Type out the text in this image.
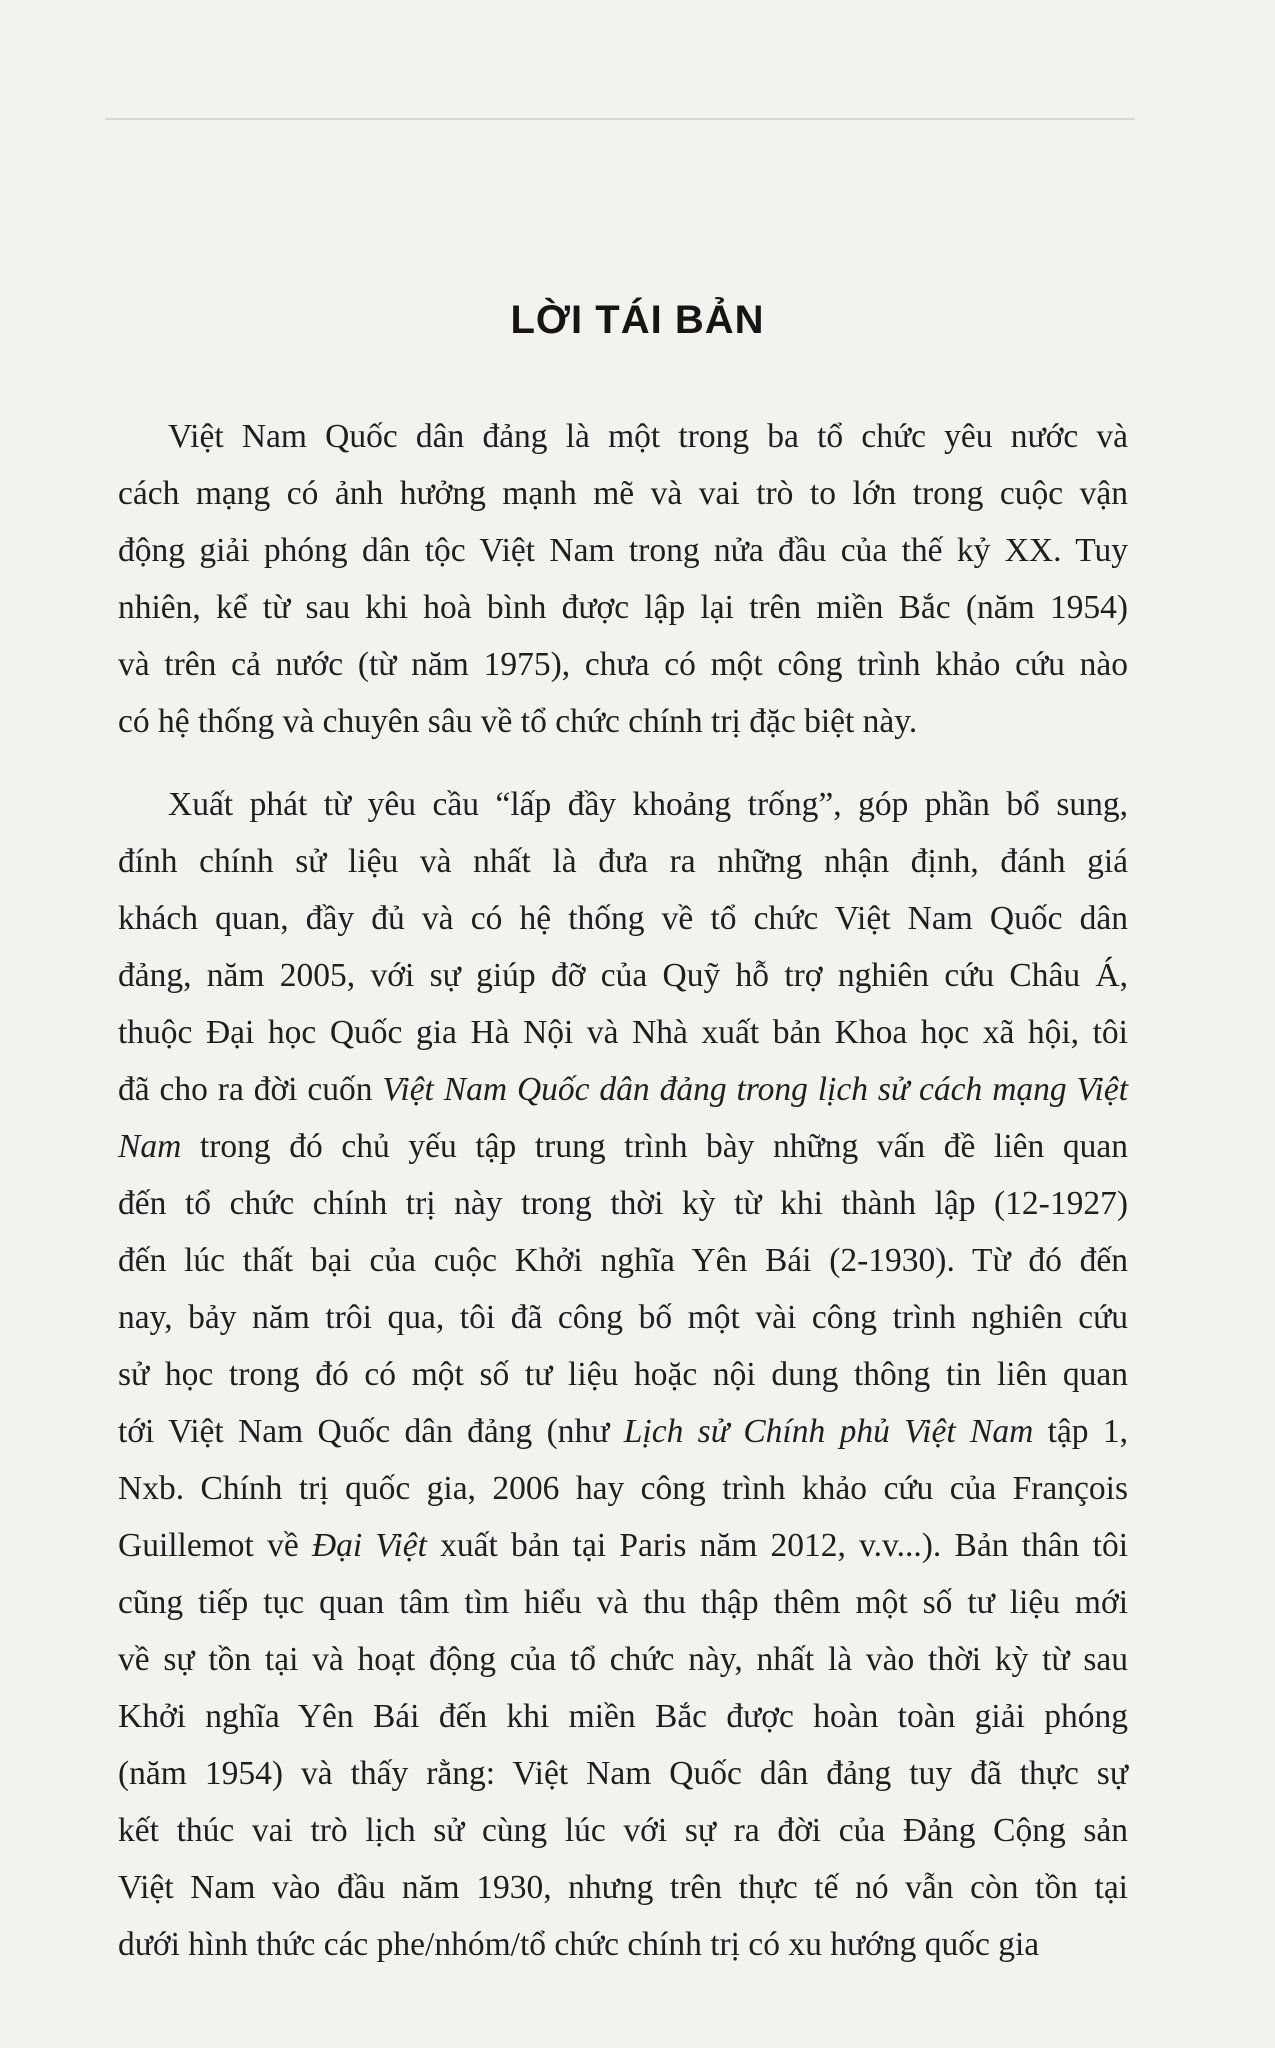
LỜI TÁI BẢN
Việt Nam Quốc dân đảng là một trong ba tổ chức yêu nước và
cách mạng có ảnh hưởng mạnh mẽ và vai trò to lớn trong cuộc vận
động giải phóng dân tộc Việt Nam trong nửa đầu của thế kỷ XX. Tuy
nhiên, kể từ sau khi hoà bình được lập lại trên miền Bắc (năm 1954)
và trên cả nước (từ năm 1975), chưa có một công trình khảo cứu nào
có hệ thống và chuyên sâu về tổ chức chính trị đặc biệt này.
Xuất phát từ yêu cầu “lấp đầy khoảng trống”, góp phần bổ sung,
đính chính sử liệu và nhất là đưa ra những nhận định, đánh giá
khách quan, đầy đủ và có hệ thống về tổ chức Việt Nam Quốc dân
đảng, năm 2005, với sự giúp đỡ của Quỹ hỗ trợ nghiên cứu Châu Á,
thuộc Đại học Quốc gia Hà Nội và Nhà xuất bản Khoa học xã hội, tôi
đã cho ra đời cuốn Việt Nam Quốc dân đảng trong lịch sử cách mạng Việt
Nam trong đó chủ yếu tập trung trình bày những vấn đề liên quan
đến tổ chức chính trị này trong thời kỳ từ khi thành lập (12-1927)
đến lúc thất bại của cuộc Khởi nghĩa Yên Bái (2-1930). Từ đó đến
nay, bảy năm trôi qua, tôi đã công bố một vài công trình nghiên cứu
sử học trong đó có một số tư liệu hoặc nội dung thông tin liên quan
tới Việt Nam Quốc dân đảng (như Lịch sử Chính phủ Việt Nam tập 1,
Nxb. Chính trị quốc gia, 2006 hay công trình khảo cứu của François
Guillemot về Đại Việt xuất bản tại Paris năm 2012, v.v...). Bản thân tôi
cũng tiếp tục quan tâm tìm hiểu và thu thập thêm một số tư liệu mới
về sự tồn tại và hoạt động của tổ chức này, nhất là vào thời kỳ từ sau
Khởi nghĩa Yên Bái đến khi miền Bắc được hoàn toàn giải phóng
(năm 1954) và thấy rằng: Việt Nam Quốc dân đảng tuy đã thực sự
kết thúc vai trò lịch sử cùng lúc với sự ra đời của Đảng Cộng sản
Việt Nam vào đầu năm 1930, nhưng trên thực tế nó vẫn còn tồn tại
dưới hình thức các phe/nhóm/tổ chức chính trị có xu hướng quốc gia
